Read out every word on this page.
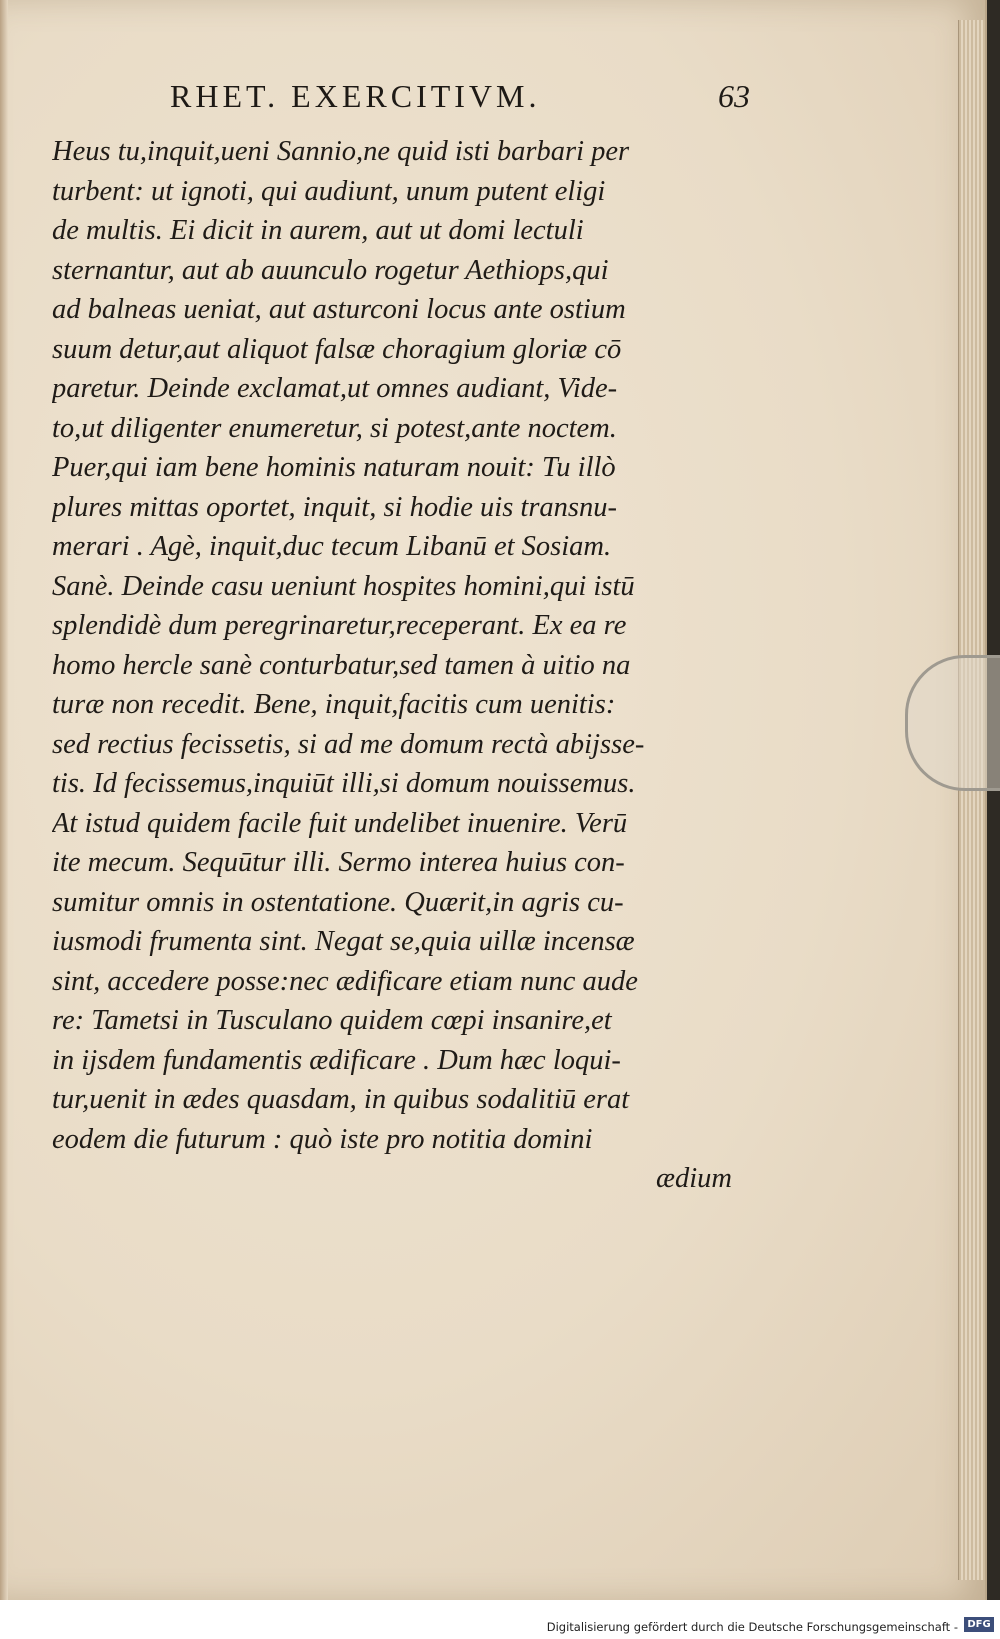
RHET. EXERCITIVM.	63
Heus tu,inquit,ueni Sannio,ne quid isti barbari per
turbent: ut ignoti, qui audiunt, unum putent eligi
de multis. Ei dicit in aurem, aut ut domi lectuli
sternantur, aut ab auunculo rogetur Aethiops,qui
ad balneas ueniat, aut asturconi locus ante ostium
suum detur,aut aliquot falsæ choragium gloriæ cō
paretur. Deinde exclamat,ut omnes audiant, Vide-
to,ut diligenter enumeretur, si potest,ante noctem.
Puer,qui iam bene hominis naturam nouit: Tu illò
plures mittas oportet, inquit, si hodie uis transnu-
merari . Agè, inquit,duc tecum Libanū et Sosiam.
Sanè. Deinde casu ueniunt hospites homini,qui istū
splendidè dum peregrinaretur,receperant. Ex ea re
homo hercle sanè conturbatur,sed tamen à uitio na
turæ non recedit. Bene, inquit,facitis cum uenitis:
sed rectius fecissetis, si ad me domum rectà abijsse-
tis. Id fecissemus,inquiūt illi,si domum nouissemus.
At istud quidem facile fuit undelibet inuenire. Verū
ite mecum. Sequūtur illi. Sermo interea huius con-
sumitur omnis in ostentatione. Quærit,in agris cu-
iusmodi frumenta sint. Negat se,quia uillæ incensæ
sint, accedere posse:nec ædificare etiam nunc aude
re: Tametsi in Tusculano quidem cœpi insanire,et
in ijsdem fundamentis ædificare . Dum hæc loqui-
tur,uenit in ædes quasdam, in quibus sodalitiū erat
eodem die futurum : quò iste pro notitia domini
ædium
Digitalisierung gefördert durch die Deutsche Forschungsgemeinschaft - DFG
